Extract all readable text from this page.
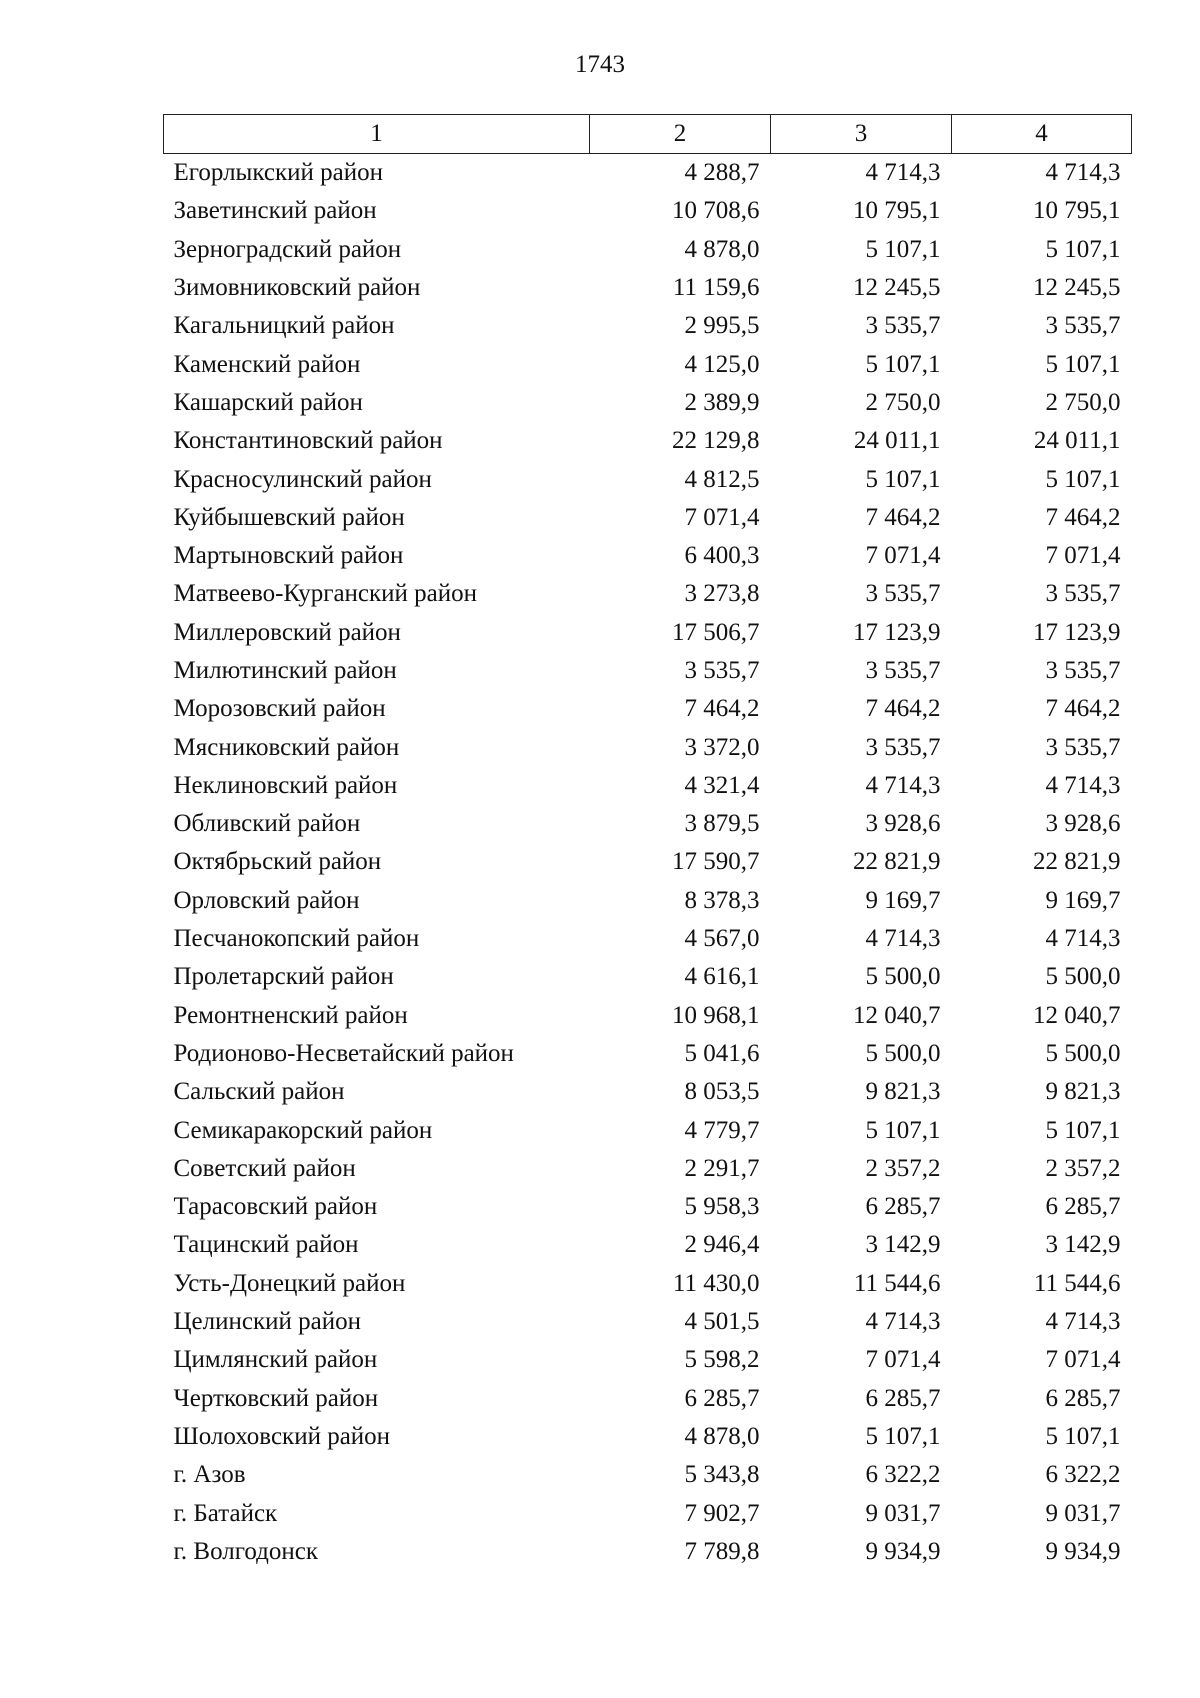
1743
1	2	3	4
Егорлыкский район	4 288,7	4 714,3	4 714,3
Заветинский район	10 708,6	10 795,1	10 795,1
Зерноградский район	4 878,0	5 107,1	5 107,1
Зимовниковский район	11 159,6	12 245,5	12 245,5
Кагальницкий район	2 995,5	3 535,7	3 535,7
Каменский район	4 125,0	5 107,1	5 107,1
Кашарский район	2 389,9	2 750,0	2 750,0
Константиновский район	22 129,8	24 011,1	24 011,1
Красносулинский район	4 812,5	5 107,1	5 107,1
Куйбышевский район	7 071,4	7 464,2	7 464,2
Мартыновский район	6 400,3	7 071,4	7 071,4
Матвеево-Курганский район	3 273,8	3 535,7	3 535,7
Миллеровский район	17 506,7	17 123,9	17 123,9
Милютинский район	3 535,7	3 535,7	3 535,7
Морозовский район	7 464,2	7 464,2	7 464,2
Мясниковский район	3 372,0	3 535,7	3 535,7
Неклиновский район	4 321,4	4 714,3	4 714,3
Обливский район	3 879,5	3 928,6	3 928,6
Октябрьский район	17 590,7	22 821,9	22 821,9
Орловский район	8 378,3	9 169,7	9 169,7
Песчанокопский район	4 567,0	4 714,3	4 714,3
Пролетарский район	4 616,1	5 500,0	5 500,0
Ремонтненский район	10 968,1	12 040,7	12 040,7
Родионово-Несветайский район	5 041,6	5 500,0	5 500,0
Сальский район	8 053,5	9 821,3	9 821,3
Семикаракорский район	4 779,7	5 107,1	5 107,1
Советский район	2 291,7	2 357,2	2 357,2
Тарасовский район	5 958,3	6 285,7	6 285,7
Тацинский район	2 946,4	3 142,9	3 142,9
Усть-Донецкий район	11 430,0	11 544,6	11 544,6
Целинский район	4 501,5	4 714,3	4 714,3
Цимлянский район	5 598,2	7 071,4	7 071,4
Чертковский район	6 285,7	6 285,7	6 285,7
Шолоховский район	4 878,0	5 107,1	5 107,1
г. Азов	5 343,8	6 322,2	6 322,2
г. Батайск	7 902,7	9 031,7	9 031,7
г. Волгодонск	7 789,8	9 934,9	9 934,9
